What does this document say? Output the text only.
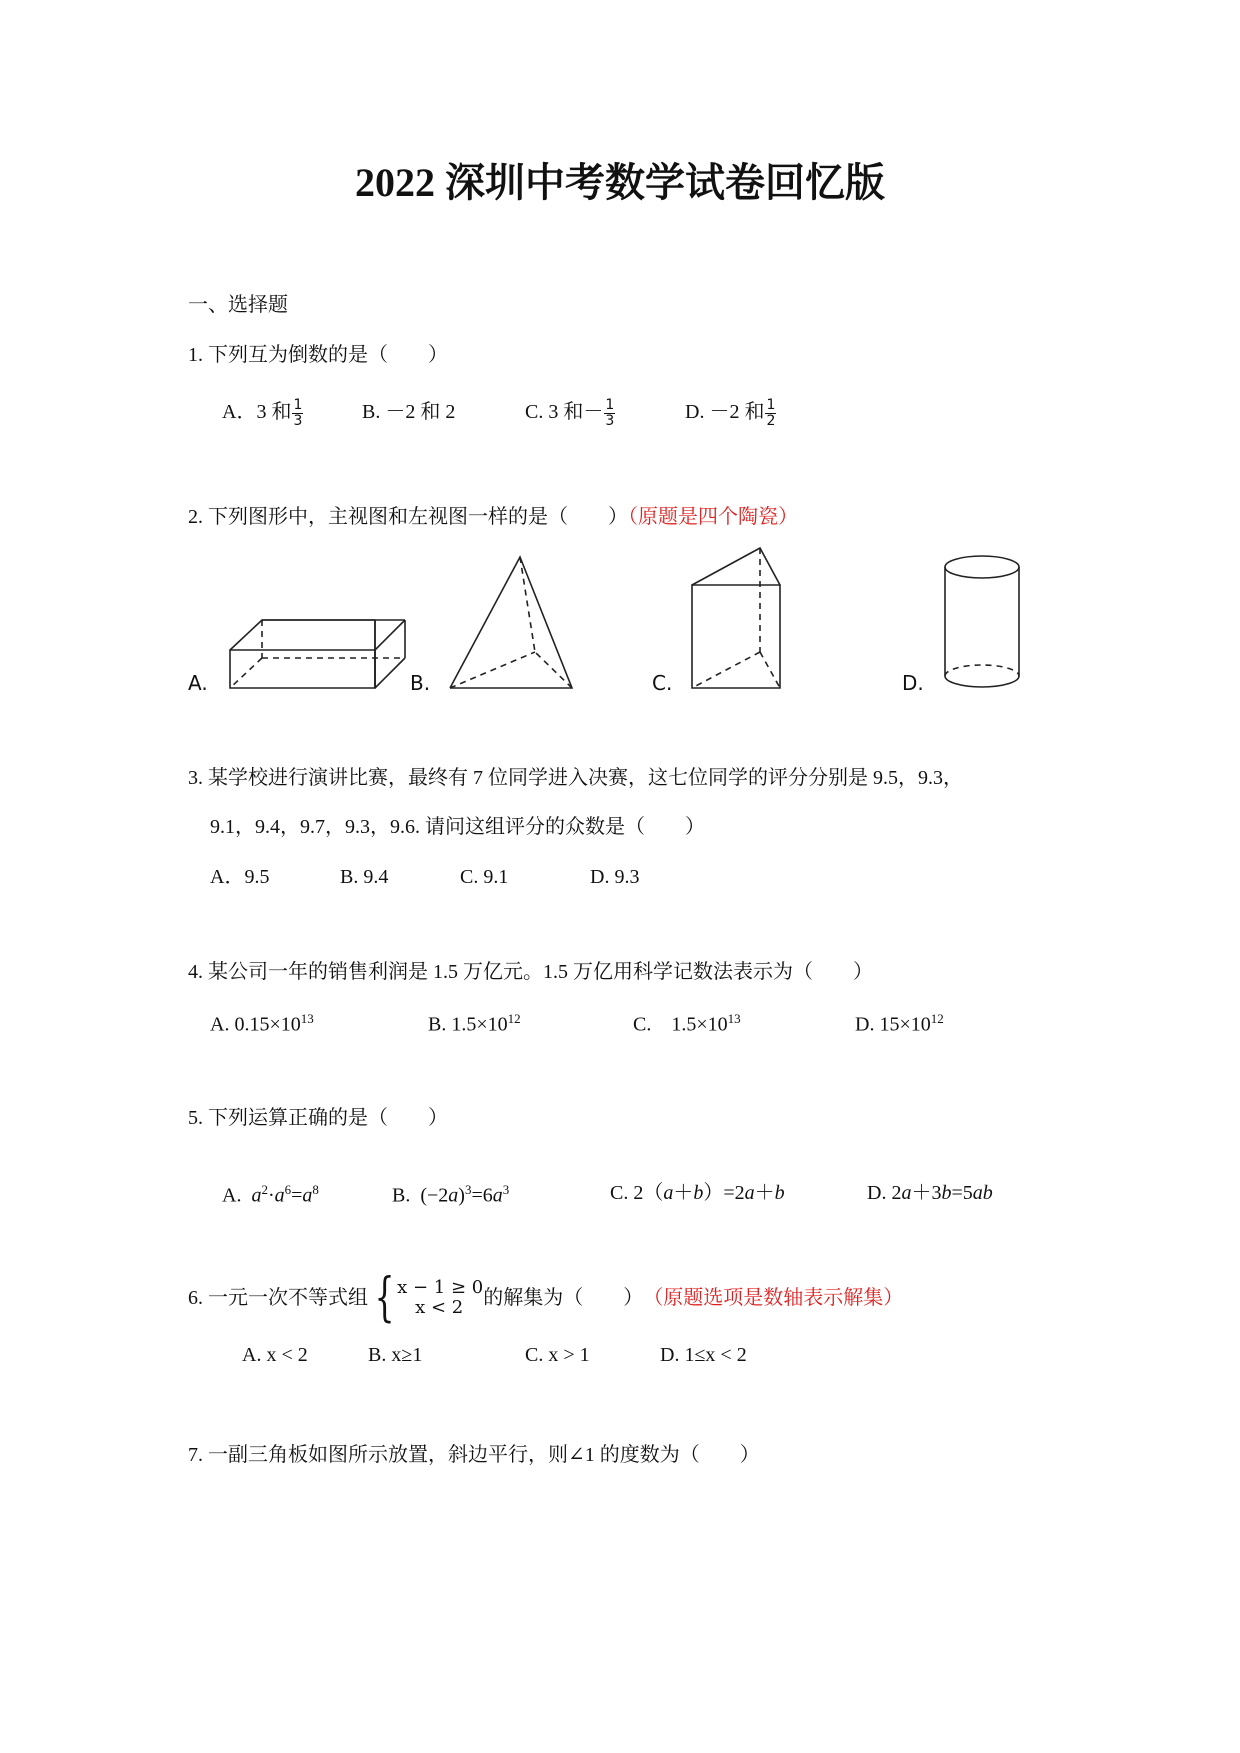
2022 深圳中考数学试卷回忆版
一、选择题
1. 下列互为倒数的是（　　）
A．3 和 $\frac{1}{3}$	B. －2 和 2	C. 3 和－ $\frac{1}{3}$	D. －2 和 $\frac{1}{2}$
2. 下列图形中，主视图和左视图一样的是（　　）（原题是四个陶瓷）
A.	B.	C.	D.
3. 某学校进行演讲比赛，最终有 7 位同学进入决赛，这七位同学的评分分别是 9.5，9.3，
9.1，9.4，9.7，9.3，9.6. 请问这组评分的众数是（　　）
A．9.5	B. 9.4	C. 9.1	D. 9.3
4. 某公司一年的销售利润是 1.5 万亿元。1.5 万亿用科学记数法表示为（　　）
A. $0.15\times 10^{13}$	B. $1.5\times 10^{12}$	C.　$1.5\times 10^{13}$	D. $15\times 10^{12}$
5. 下列运算正确的是（　　）
A. $a^2\cdot a^6=a^8$	B.  $(-2a)^3=6a^3$	C. 2（a＋b）=2a＋b	D. 2a＋3b=5ab
6. 一元一次不等式组 { x − 1 ≥ 0
x < 2 的解集为（　　） （原题选项是数轴表示解集）
A. x < 2	B. x≥1	C. x > 1	D. 1≤x < 2
7. 一副三角板如图所示放置，斜边平行，则∠1 的度数为（　　）
